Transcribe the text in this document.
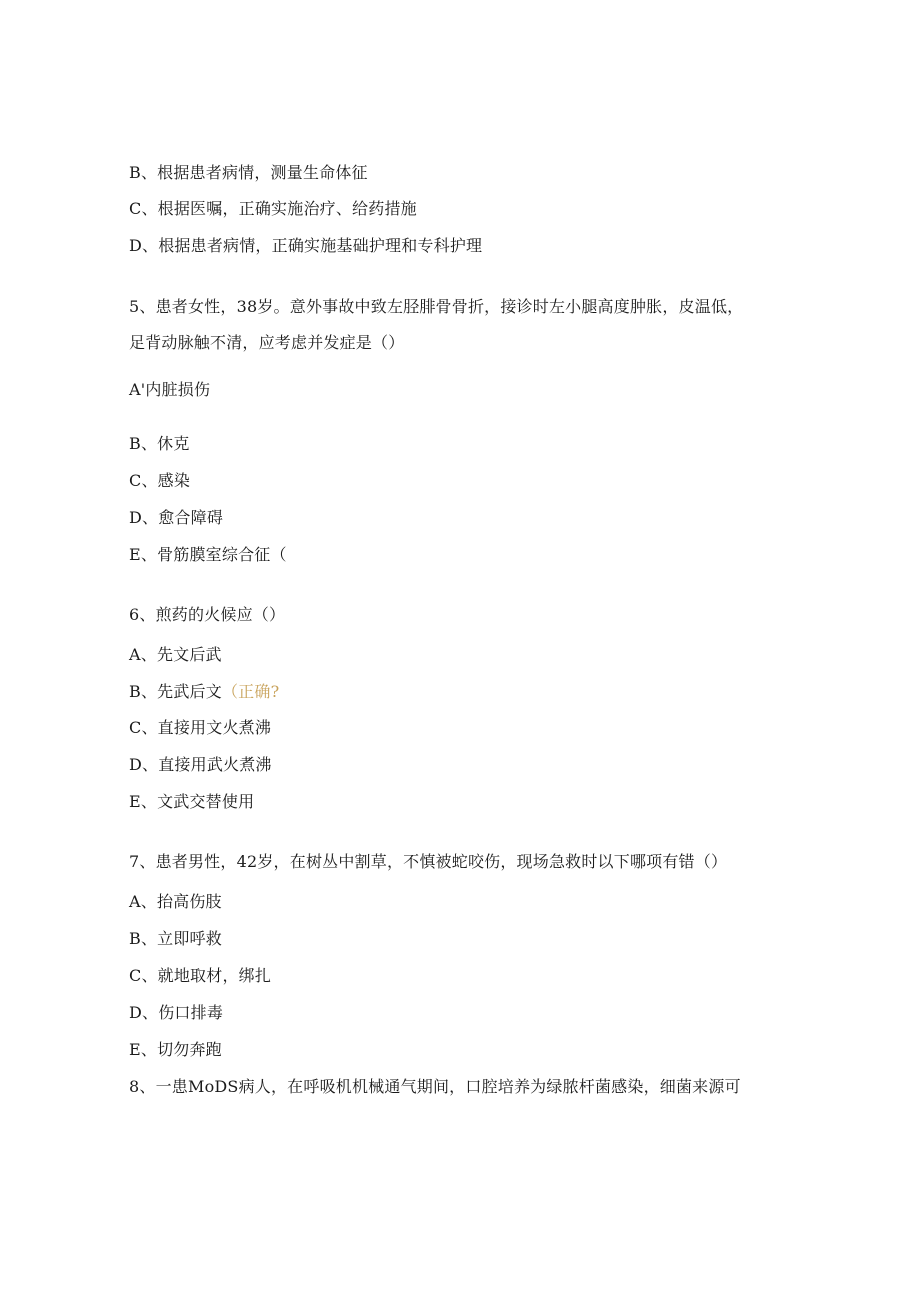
B、根据患者病情，测量生命体征
C、根据医嘱，正确实施治疗、给药措施
D、根据患者病情，正确实施基础护理和专科护理
5、患者女性，38岁。意外事故中致左胫腓骨骨折，接诊时左小腿高度肿胀，皮温低，
足背动脉触不清，应考虑并发症是（）
A'内脏损伤
B、休克
C、感染
D、愈合障碍
E、骨筋膜室综合征（
6、煎药的火候应（）
A、先文后武
B、先武后文（正确?
C、直接用文火煮沸
D、直接用武火煮沸
E、文武交替使用
7、患者男性，42岁，在树丛中割草，不慎被蛇咬伤，现场急救时以下哪项有错（）
A、抬高伤肢
B、立即呼救
C、就地取材，绑扎
D、伤口排毒
E、切勿奔跑
8、一患MoDS病人，在呼吸机机械通气期间，口腔培养为绿脓杆菌感染，细菌来源可
